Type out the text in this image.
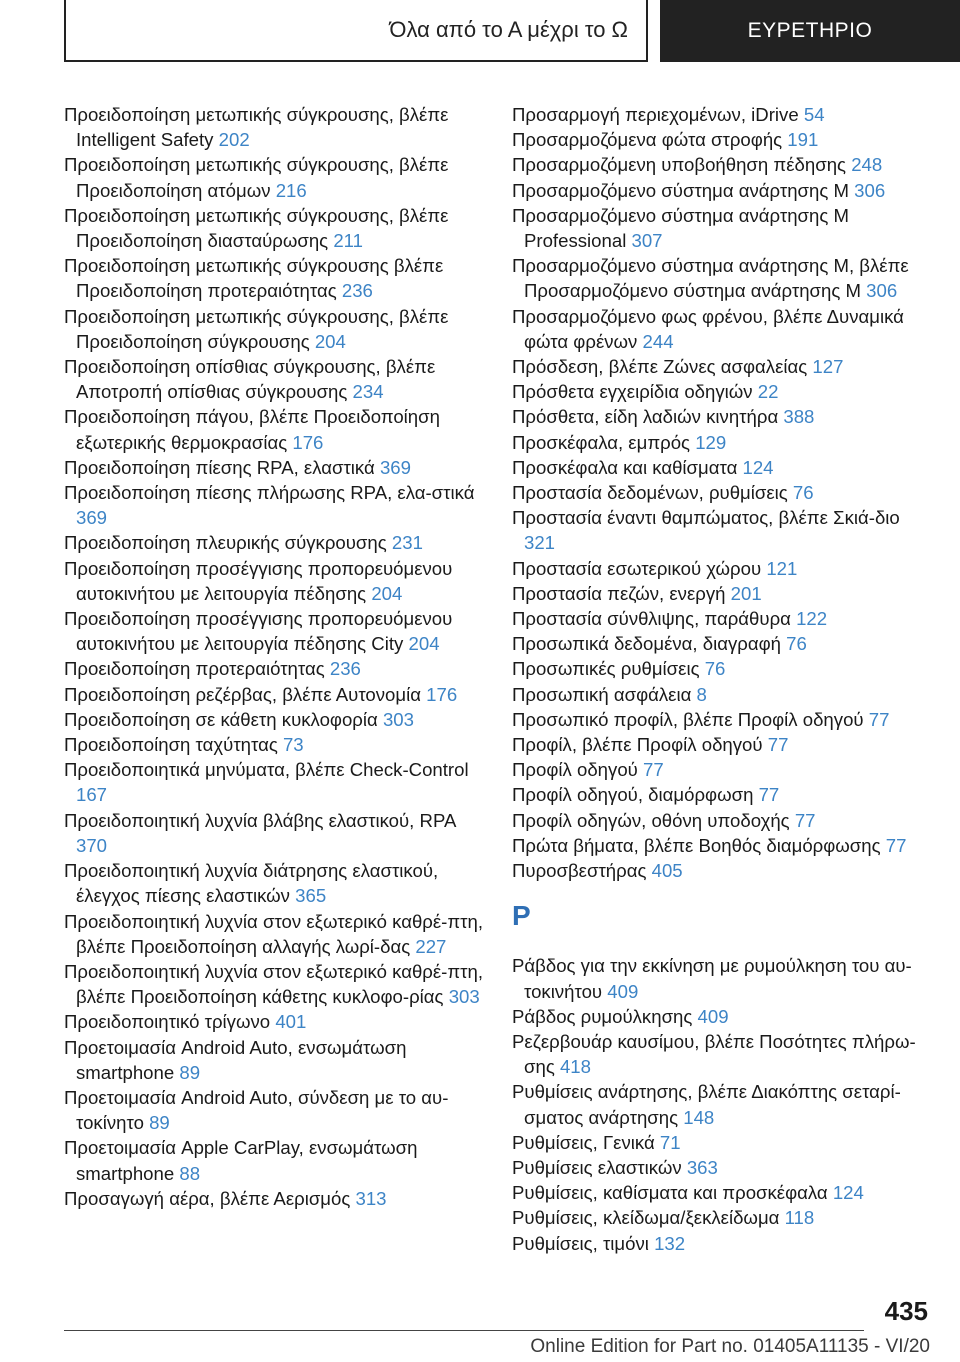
Όλα από το Α μέχρι το Ω	ΕΥΡΕΤΗΡΙΟ
Προειδοποίηση μετωπικής σύγκρουσης, βλέπε Intelligent Safety 202
Προειδοποίηση μετωπικής σύγκρουσης, βλέπε Προειδοποίηση ατόμων 216
Προειδοποίηση μετωπικής σύγκρουσης, βλέπε Προειδοποίηση διασταύρωσης 211
Προειδοποίηση μετωπικής σύγκρουσης βλέπε Προειδοποίηση προτεραιότητας 236
Προειδοποίηση μετωπικής σύγκρουσης, βλέπε Προειδοποίηση σύγκρουσης 204
Προειδοποίηση οπίσθιας σύγκρουσης, βλέπε Αποτροπή οπίσθιας σύγκρουσης 234
Προειδοποίηση πάγου, βλέπε Προειδοποίηση εξωτερικής θερμοκρασίας 176
Προειδοποίηση πίεσης RPA, ελαστικά 369
Προειδοποίηση πίεσης πλήρωσης RPA, ελα-στικά 369
Προειδοποίηση πλευρικής σύγκρουσης 231
Προειδοποίηση προσέγγισης προπορευόμενου αυτοκινήτου με λειτουργία πέδησης 204
Προειδοποίηση προσέγγισης προπορευόμενου αυτοκινήτου με λειτουργία πέδησης City 204
Προειδοποίηση προτεραιότητας 236
Προειδοποίηση ρεζέρβας, βλέπε Αυτονομία 176
Προειδοποίηση σε κάθετη κυκλοφορία 303
Προειδοποίηση ταχύτητας 73
Προειδοποιητικά μηνύματα, βλέπε Check-Control 167
Προειδοποιητική λυχνία βλάβης ελαστικού, RPA 370
Προειδοποιητική λυχνία διάτρησης ελαστικού, έλεγχος πίεσης ελαστικών 365
Προειδοποιητική λυχνία στον εξωτερικό καθρέ-πτη, βλέπε Προειδοποίηση αλλαγής λωρί-δας 227
Προειδοποιητική λυχνία στον εξωτερικό καθρέ-πτη, βλέπε Προειδοποίηση κάθετης κυκλοφο-ρίας 303
Προειδοποιητικό τρίγωνο 401
Προετοιμασία Android Auto, ενσωμάτωση smartphone 89
Προετοιμασία Android Auto, σύνδεση με το αυ-τοκίνητο 89
Προετοιμασία Apple CarPlay, ενσωμάτωση smartphone 88
Προσαγωγή αέρα, βλέπε Αερισμός 313
Προσαρμογή περιεχομένων, iDrive 54
Προσαρμοζόμενα φώτα στροφής 191
Προσαρμοζόμενη υποβοήθηση πέδησης 248
Προσαρμοζόμενο σύστημα ανάρτησης M 306
Προσαρμοζόμενο σύστημα ανάρτησης M Professional 307
Προσαρμοζόμενο σύστημα ανάρτησης M, βλέπε Προσαρμοζόμενο σύστημα ανάρτησης M 306
Προσαρμοζόμενο φως φρένου, βλέπε Δυναμικά φώτα φρένων 244
Πρόσδεση, βλέπε Ζώνες ασφαλείας 127
Πρόσθετα εγχειρίδια οδηγιών 22
Πρόσθετα, είδη λαδιών κινητήρα 388
Προσκέφαλα, εμπρός 129
Προσκέφαλα και καθίσματα 124
Προστασία δεδομένων, ρυθμίσεις 76
Προστασία έναντι θαμπώματος, βλέπε Σκιά-διο 321
Προστασία εσωτερικού χώρου 121
Προστασία πεζών, ενεργή 201
Προστασία σύνθλιψης, παράθυρα 122
Προσωπικά δεδομένα, διαγραφή 76
Προσωπικές ρυθμίσεις 76
Προσωπική ασφάλεια 8
Προσωπικό προφίλ, βλέπε Προφίλ οδηγού 77
Προφίλ, βλέπε Προφίλ οδηγού 77
Προφίλ οδηγού 77
Προφίλ οδηγού, διαμόρφωση 77
Προφίλ οδηγών, οθόνη υποδοχής 77
Πρώτα βήματα, βλέπε Βοηθός διαμόρφωσης 77
Πυροσβεστήρας 405
Ρ
Ράβδος για την εκκίνηση με ρυμούλκηση του αυ-τοκινήτου 409
Ράβδος ρυμούλκησης 409
Ρεζερβουάρ καυσίμου, βλέπε Ποσότητες πλήρω-σης 418
Ρυθμίσεις ανάρτησης, βλέπε Διακόπτης σεταρί-σματος ανάρτησης 148
Ρυθμίσεις, Γενικά 71
Ρυθμίσεις ελαστικών 363
Ρυθμίσεις, καθίσματα και προσκέφαλα 124
Ρυθμίσεις, κλείδωμα/ξεκλείδωμα 118
Ρυθμίσεις, τιμόνι 132
435
Online Edition for Part no. 01405A11135 - VI/20
